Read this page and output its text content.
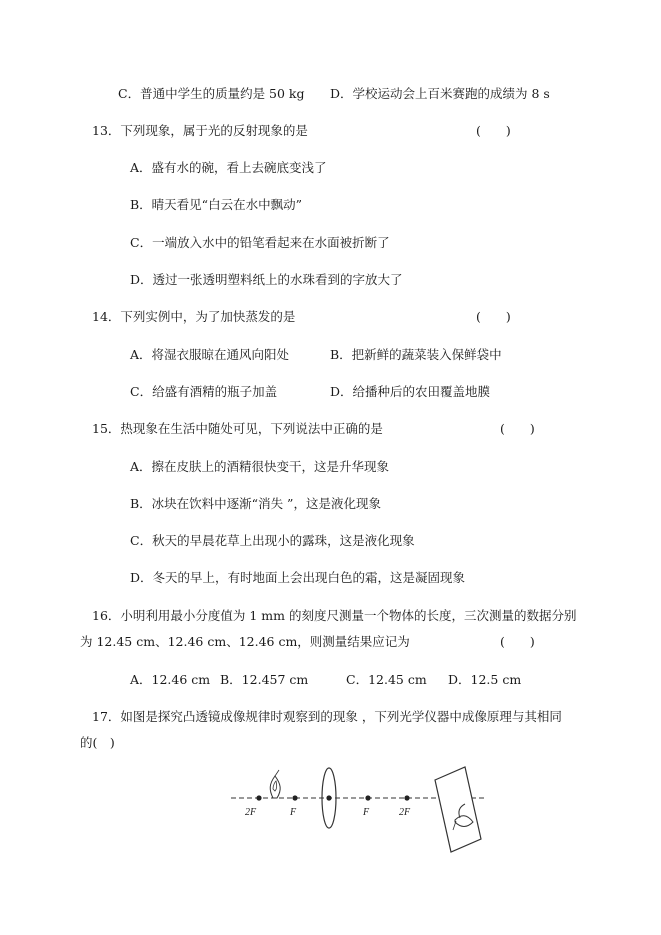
C．普通中学生的质量约是 50 kg D．学校运动会上百米赛跑的成绩为 8 s
13．下列现象，属于光的反射现象的是	(　　)
A．盛有水的碗，看上去碗底变浅了
B．晴天看见“白云在水中飘动”
C．一端放入水中的铅笔看起来在水面被折断了
D．透过一张透明塑料纸上的水珠看到的字放大了
14．下列实例中，为了加快蒸发的是	(　　)
A．将湿衣服晾在通风向阳处	B．把新鲜的蔬菜装入保鲜袋中
C．给盛有酒精的瓶子加盖	D．给播种后的农田覆盖地膜
15．热现象在生活中随处可见，下列说法中正确的是	(　　)
A．擦在皮肤上的酒精很快变干，这是升华现象
B．冰块在饮料中逐渐“消失 ”，这是液化现象
C．秋天的早晨花草上出现小的露珠，这是液化现象
D．冬天的早上，有时地面上会出现白色的霜，这是凝固现象
16．小明利用最小分度值为 1 mm 的刻度尺测量一个物体的长度，三次测量的数据分别
为 12.45 cm、12.46 cm、12.46 cm，则测量结果应记为	(　　)
A．12.46 cm B．12.457 cm	C．12.45 cm D．12.5 cm
17．如图是探究凸透镜成像规律时观察到的现象 ，下列光学仪器中成像原理与其相同
的(　)
2F	F	F	2F
